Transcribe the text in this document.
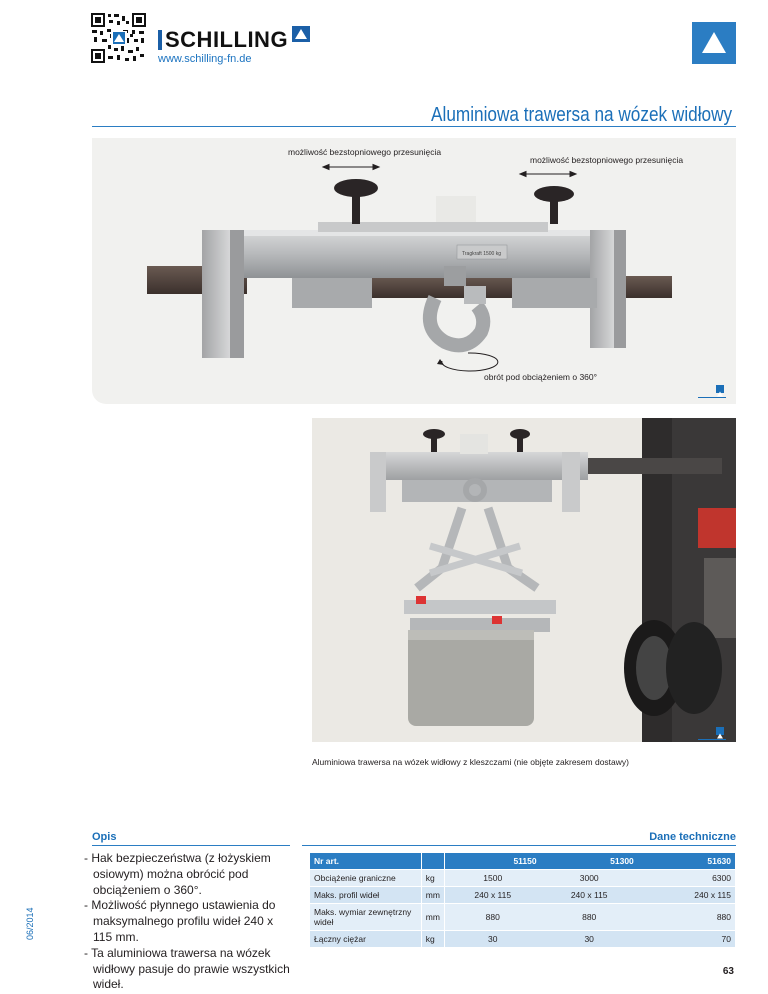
SCHIL LING
www.schilling-fn.de
Aluminiowa trawersa na wózek widłowy
Tragkraft 1500 kg
możliwość bezstopniowego przesunięcia
możliwość bezstopniowego przesunięcia
obrót pod obciążeniem o 360°
Aluminiowa trawersa na wózek widłowy z kleszczami (nie objęte zakresem dostawy)
Opis	Dane techniczne
- Hak bezpieczeństwa (z łożyskiem osiowym) można obrócić pod obciążeniem o 360°.
- Możliwość płynnego ustawienia do maksymalnego profilu wideł 240 x 115 mm.
- Ta aluminiowa trawersa na wózek widłowy pasuje do prawie wszystkich wideł.
06/2014
Nr art.		51150	51300	51630
Obciążenie graniczne	kg	1500	3000	6300
Maks. profil wideł	mm	240 x 115	240 x 115	240 x 115
Maks. wymiar zewnętrzny wideł	mm	880	880	880
Łączny ciężar	kg	30	30	70
63
